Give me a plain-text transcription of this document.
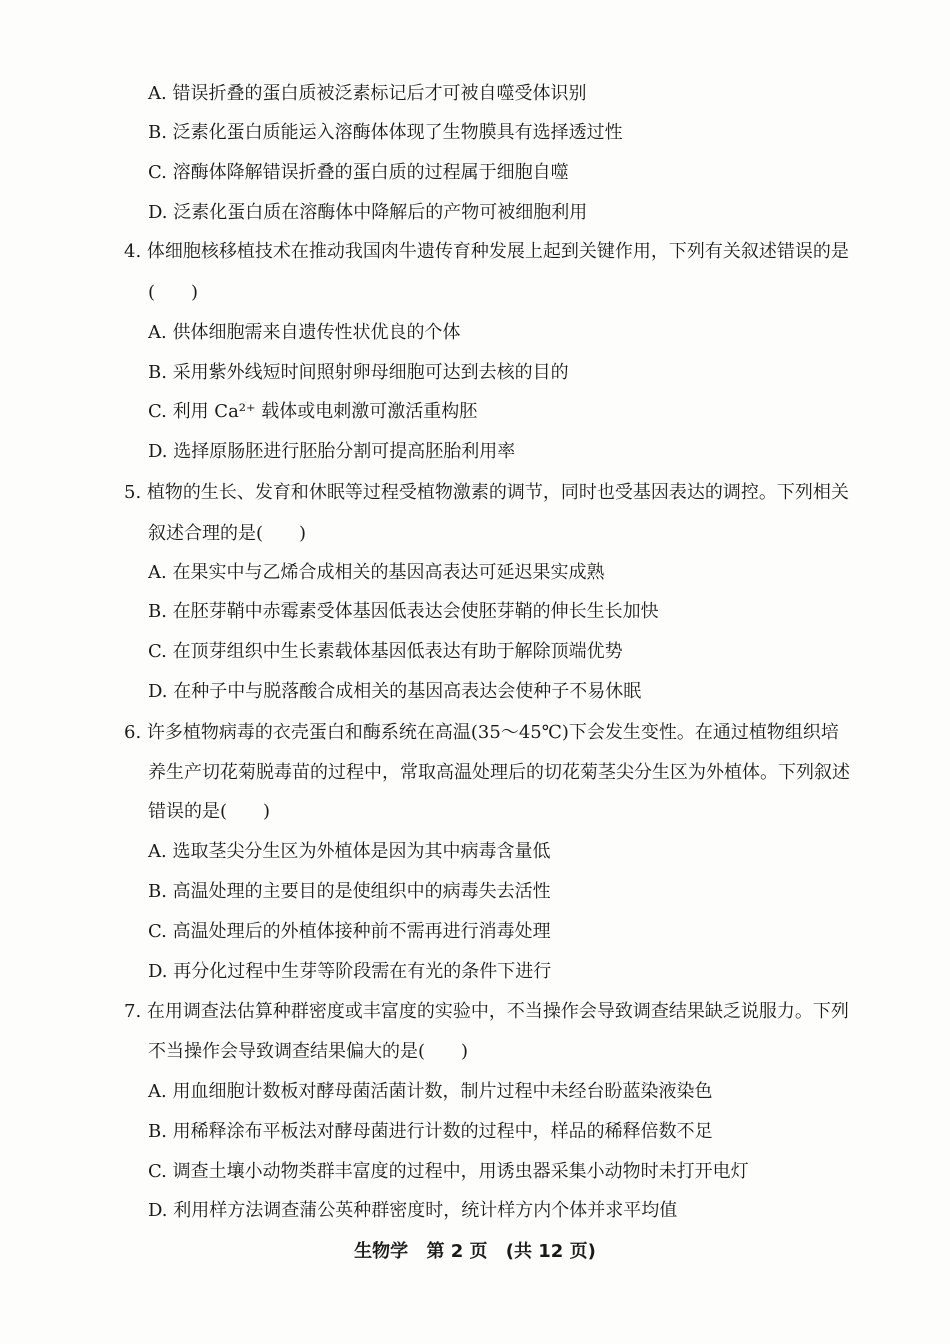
A. 错误折叠的蛋白质被泛素标记后才可被自噬受体识别
B. 泛素化蛋白质能运入溶酶体体现了生物膜具有选择透过性
C. 溶酶体降解错误折叠的蛋白质的过程属于细胞自噬
D. 泛素化蛋白质在溶酶体中降解后的产物可被细胞利用
4. 体细胞核移植技术在推动我国肉牛遗传育种发展上起到关键作用，下列有关叙述错误的是
(　　)
A. 供体细胞需来自遗传性状优良的个体
B. 采用紫外线短时间照射卵母细胞可达到去核的目的
C. 利用 Ca²⁺ 载体或电刺激可激活重构胚
D. 选择原肠胚进行胚胎分割可提高胚胎利用率
5. 植物的生长、发育和休眠等过程受植物激素的调节，同时也受基因表达的调控。下列相关
叙述合理的是(　　)
A. 在果实中与乙烯合成相关的基因高表达可延迟果实成熟
B. 在胚芽鞘中赤霉素受体基因低表达会使胚芽鞘的伸长生长加快
C. 在顶芽组织中生长素载体基因低表达有助于解除顶端优势
D. 在种子中与脱落酸合成相关的基因高表达会使种子不易休眠
6. 许多植物病毒的衣壳蛋白和酶系统在高温(35～45℃)下会发生变性。在通过植物组织培
养生产切花菊脱毒苗的过程中，常取高温处理后的切花菊茎尖分生区为外植体。下列叙述
错误的是(　　)
A. 选取茎尖分生区为外植体是因为其中病毒含量低
B. 高温处理的主要目的是使组织中的病毒失去活性
C. 高温处理后的外植体接种前不需再进行消毒处理
D. 再分化过程中生芽等阶段需在有光的条件下进行
7. 在用调查法估算种群密度或丰富度的实验中，不当操作会导致调查结果缺乏说服力。下列
不当操作会导致调查结果偏大的是(　　)
A. 用血细胞计数板对酵母菌活菌计数，制片过程中未经台盼蓝染液染色
B. 用稀释涂布平板法对酵母菌进行计数的过程中，样品的稀释倍数不足
C. 调查土壤小动物类群丰富度的过程中，用诱虫器采集小动物时未打开电灯
D. 利用样方法调查蒲公英种群密度时，统计样方内个体并求平均值
生物学 第 2 页 (共 12 页)
